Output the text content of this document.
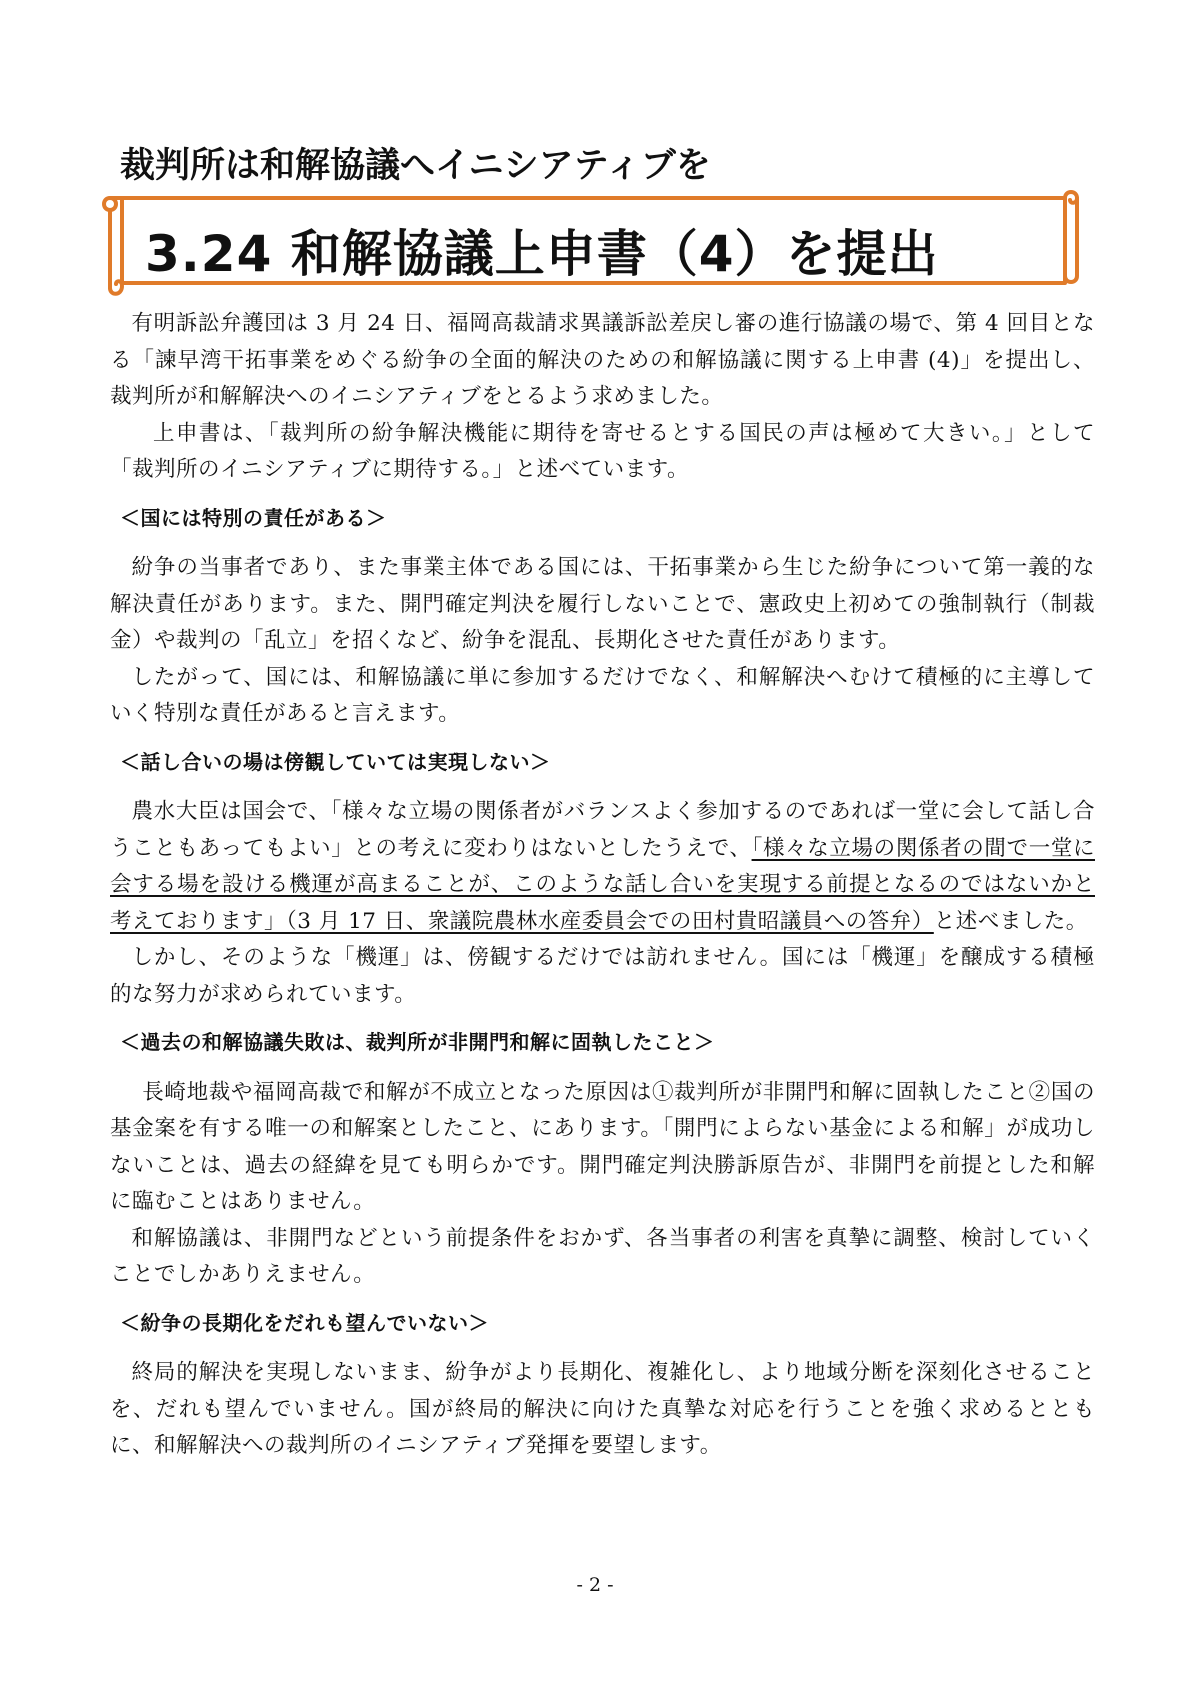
裁判所は和解協議へイニシアティブを
3.24 和解協議上申書（4）を提出

有明訴訟弁護団は 3 月 24 日、福岡高裁請求異議訴訟差戻し審の進行協議の場で、第 4 回目となる「諫早湾干拓事業をめぐる紛争の全面的解決のための和解協議に関する上申書 (4)」を提出し、裁判所が和解解決へのイニシアティブをとるよう求めました。

上申書は、「裁判所の紛争解決機能に期待を寄せるとする国民の声は極めて大きい。」として「裁判所のイニシアティブに期待する。」と述べています。

＜国には特別の責任がある＞

紛争の当事者であり、また事業主体である国には、干拓事業から生じた紛争について第一義的な解決責任があります。また、開門確定判決を履行しないことで、憲政史上初めての強制執行（制裁金）や裁判の「乱立」を招くなど、紛争を混乱、長期化させた責任があります。

したがって、国には、和解協議に単に参加するだけでなく、和解解決へむけて積極的に主導していく特別な責任があると言えます。

＜話し合いの場は傍観していては実現しない＞

農水大臣は国会で、「様々な立場の関係者がバランスよく参加するのであれば一堂に会して話し合うこともあってもよい」との考えに変わりはないとしたうえで、「様々な立場の関係者の間で一堂に会する場を設ける機運が高まることが、このような話し合いを実現する前提となるのではないかと考えております」（3 月 17 日、衆議院農林水産委員会での田村貴昭議員への答弁）と述べました。

しかし、そのような「機運」は、傍観するだけでは訪れません。国には「機運」を醸成する積極的な努力が求められています。

＜過去の和解協議失敗は、裁判所が非開門和解に固執したこと＞

長崎地裁や福岡高裁で和解が不成立となった原因は①裁判所が非開門和解に固執したこと②国の基金案を有する唯一の和解案としたこと、にあります。「開門によらない基金による和解」が成功しないことは、過去の経緯を見ても明らかです。開門確定判決勝訴原告が、非開門を前提とした和解に臨むことはありません。

和解協議は、非開門などという前提条件をおかず、各当事者の利害を真摯に調整、検討していくことでしかありえません。

＜紛争の長期化をだれも望んでいない＞

終局的解決を実現しないまま、紛争がより長期化、複雑化し、より地域分断を深刻化させることを、だれも望んでいません。国が終局的解決に向けた真摯な対応を行うことを強く求めるとともに、和解解決への裁判所のイニシアティブ発揮を要望します。

- 2 -
